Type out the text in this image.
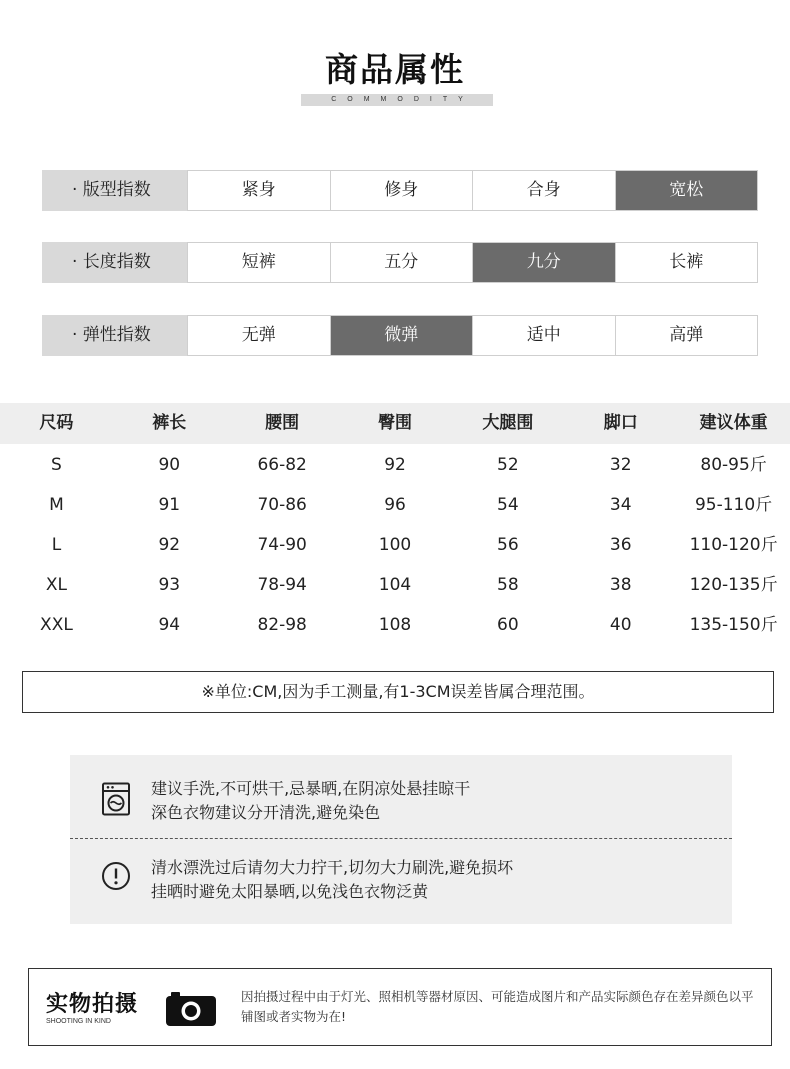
商品属性
COMMODITY
· 版型指数	紧身	修身	合身	宽松
· 长度指数	短裤	五分	九分	长裤
· 弹性指数	无弹	微弹	适中	高弹
尺码	裤长	腰围	臀围	大腿围	脚口	建议体重
S	90	66-82	92	52	32	80-95斤
M	91	70-86	96	54	34	95-110斤
L	92	74-90	100	56	36	110-120斤
XL	93	78-94	104	58	38	120-135斤
XXL	94	82-98	108	60	40	135-150斤
※单位:CM,因为手工测量,有1-3CM误差皆属合理范围。
建议手洗,不可烘干,忌暴晒,在阴凉处悬挂晾干
深色衣物建议分开清洗,避免染色
清水漂洗过后请勿大力拧干,切勿大力刷洗,避免损坏
挂晒时避免太阳暴晒,以免浅色衣物泛黄
实物拍摄
SHOOTING IN KIND
因拍摄过程中由于灯光、照相机等器材原因、可能造成图片和产品实际颜色存在差异颜色以平铺图或者实物为在!
